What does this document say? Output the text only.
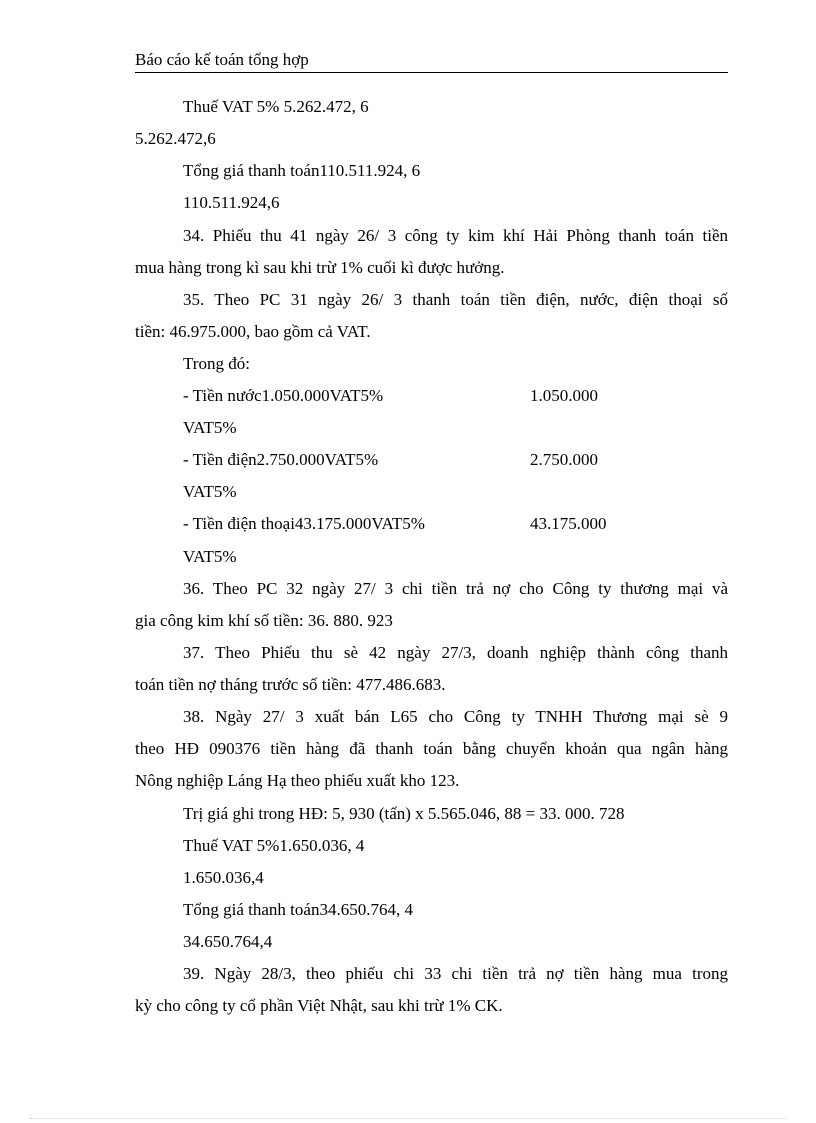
Báo cáo kế toán tổng hợp
Thuế VAT 5% 5.262.472, 6
5.262.472,6
Tổng giá thanh toán110.511.924, 6
110.511.924,6
34. Phiếu thu 41 ngày 26/ 3 công ty kim khí Hải Phòng thanh toán tiền
mua hàng trong kì sau khi trừ 1% cuối kì được hưởng.
35. Theo PC 31 ngày 26/ 3 thanh toán tiền điện, nước, điện thoại số
tiền: 46.975.000, bao gồm cả VAT.
Trong đó:
- Tiền nước1.050.000VAT5%	1.050.000
VAT5%
- Tiền điện2.750.000VAT5%	2.750.000
VAT5%
- Tiền điện thoại43.175.000VAT5%	43.175.000
VAT5%
36. Theo PC 32 ngày 27/ 3 chi tiền trả nợ cho Công ty thương mại và
gia công kim khí số tiền: 36. 880. 923
37. Theo Phiếu thu sè 42 ngày 27/3, doanh nghiệp thành công thanh
toán tiền nợ tháng trước số tiền: 477.486.683.
38. Ngày 27/ 3 xuất bán L65 cho Công ty TNHH Thương mại sè 9
theo HĐ 090376 tiền hàng đã thanh toán bằng chuyển khoản qua ngân hàng
Nông nghiệp Láng Hạ theo phiếu xuất kho 123.
Trị giá ghi trong HĐ: 5, 930 (tấn) x 5.565.046, 88 = 33. 000. 728
Thuế VAT 5%1.650.036, 4
1.650.036,4
Tổng giá thanh toán34.650.764, 4
34.650.764,4
39. Ngày 28/3, theo phiếu chi 33 chi tiền trả nợ tiền hàng mua trong
kỳ cho công ty cổ phần Việt Nhật, sau khi trừ 1% CK.
